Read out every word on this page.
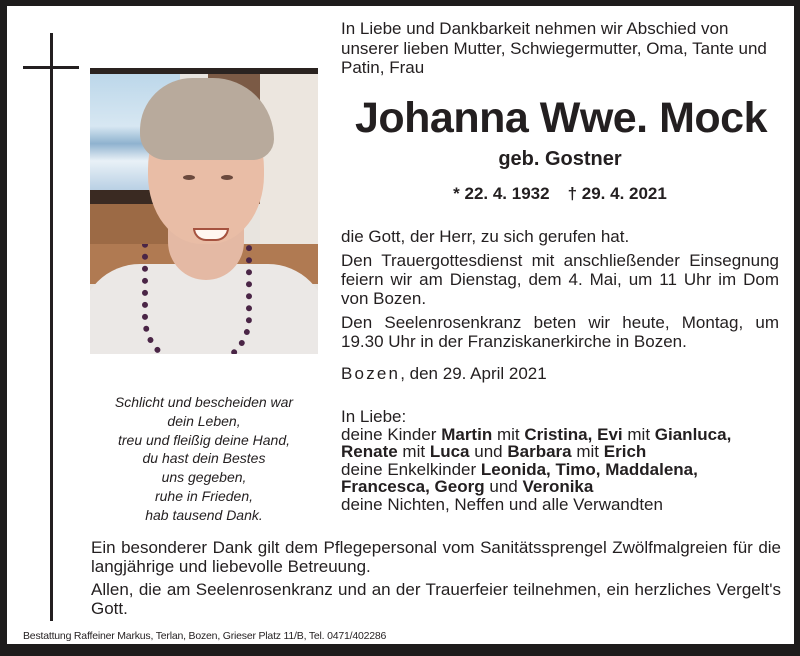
Schlicht und bescheiden war
dein Leben,
treu und fleißig deine Hand,
du hast dein Bestes
uns gegeben,
ruhe in Frieden,
hab tausend Dank.
In Liebe und Dankbarkeit nehmen wir Abschied von unserer lieben Mutter, Schwiegermutter, Oma, Tante und Patin, Frau
Johanna Wwe. Mock
geb. Gostner
* 22. 4. 1932 † 29. 4. 2021

die Gott, der Herr, zu sich gerufen hat.

Den Trauergottesdienst mit anschließender Einsegnung feiern wir am Dienstag, dem 4. Mai, um 11 Uhr im Dom von Bozen.

Den Seelenrosenkranz beten wir heute, Montag, um 19.30 Uhr in der Franziskanerkirche in Bozen.

Bozen, den 29. April 2021
In Liebe:
deine Kinder Martin mit Cristina, Evi mit Gianluca,
Renate mit Luca und Barbara mit Erich
deine Enkelkinder Leonida, Timo, Maddalena,
Francesca, Georg und Veronika
deine Nichten, Neffen und alle Verwandten

Ein besonderer Dank gilt dem Pflegepersonal vom Sanitätssprengel Zwölfmalgreien für die langjährige und liebevolle Betreuung.

Allen, die am Seelenrosenkranz und an der Trauerfeier teilnehmen, ein herzliches Vergelt's Gott.

Bestattung Raffeiner Markus, Terlan, Bozen, Grieser Platz 11/B, Tel. 0471/402286
